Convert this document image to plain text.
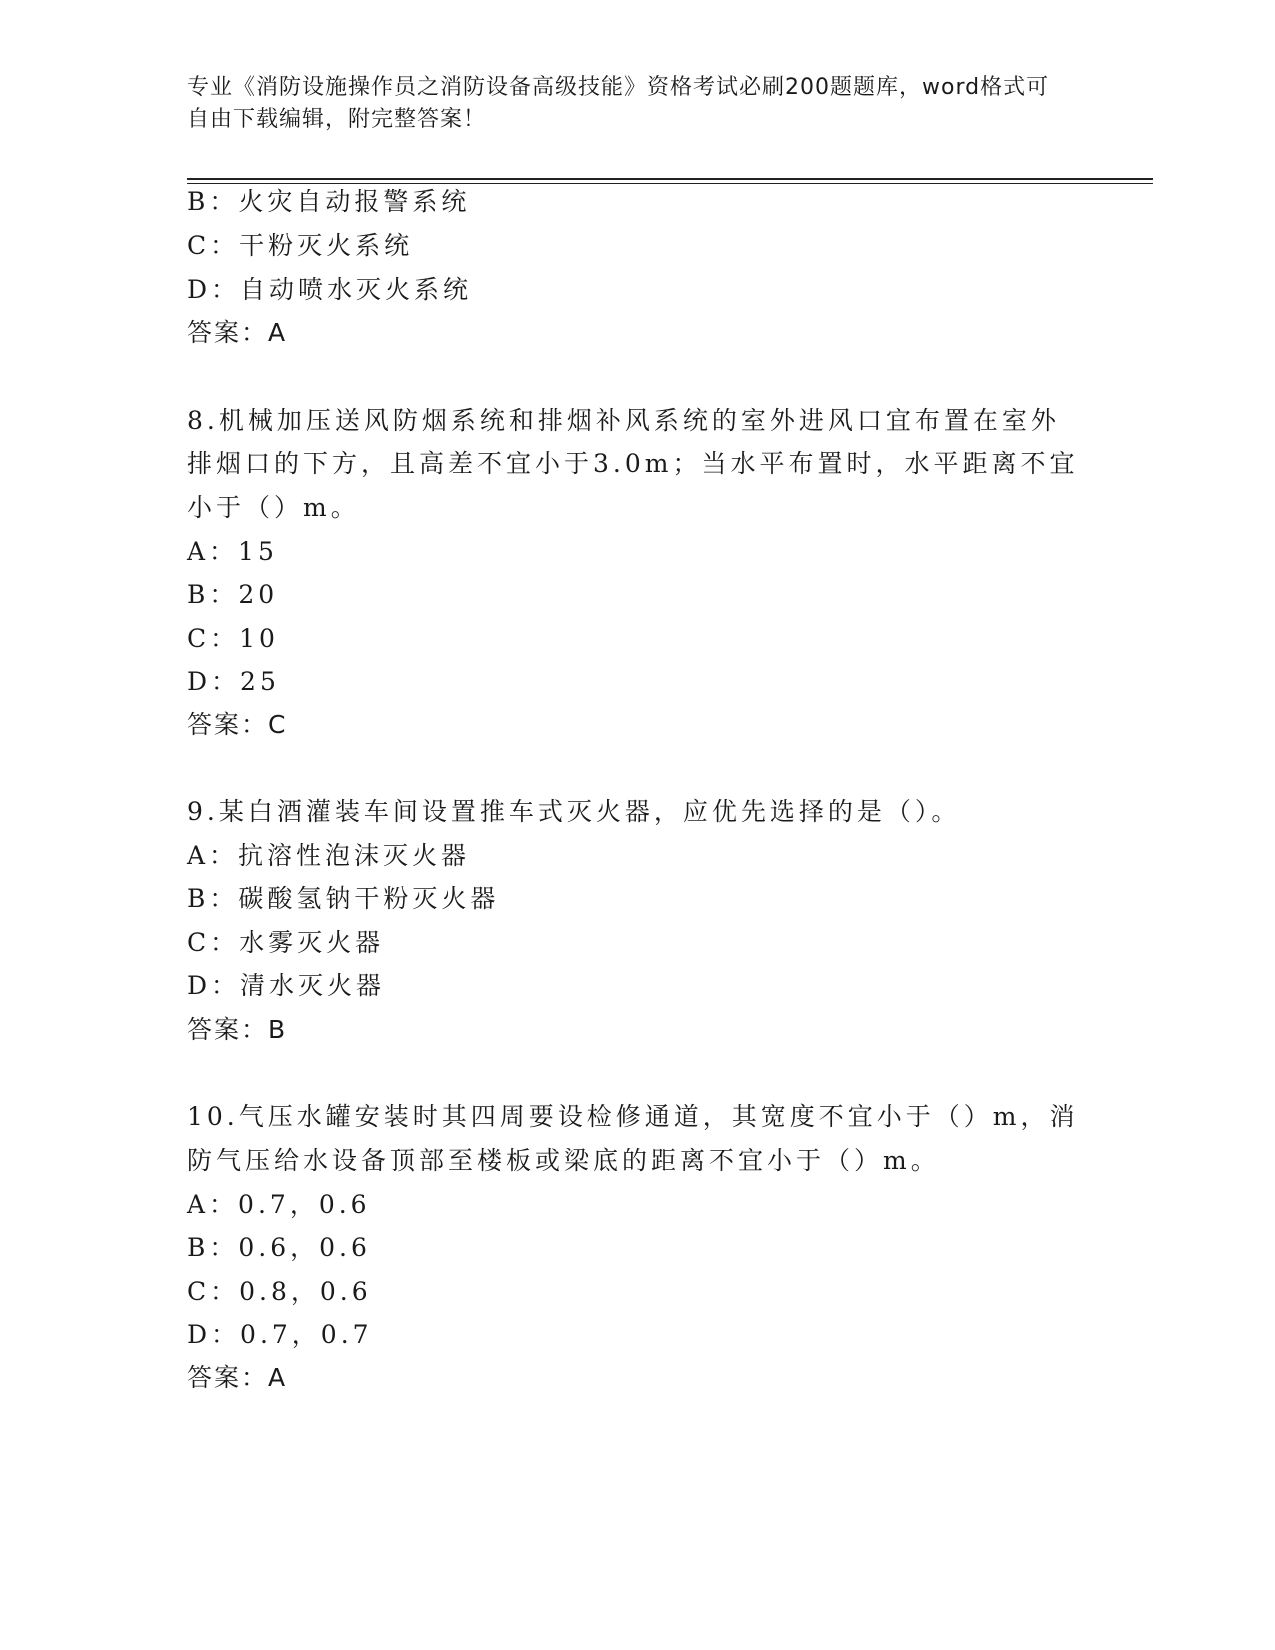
专业《消防设施操作员之消防设备高级技能》资格考试必刷200题题库，word格式可自由下载编辑，附完整答案！
B：火灾自动报警系统
C：干粉灭火系统
D：自动喷水灭火系统
答案：A
8.机械加压送风防烟系统和排烟补风系统的室外进风口宜布置在室外
排烟口的下方，且高差不宜小于3.0m；当水平布置时，水平距离不宜
小于（）m。
A：15
B：20
C：10
D：25
答案：C
9.某白酒灌装车间设置推车式灭火器，应优先选择的是（）。
A：抗溶性泡沫灭火器
B：碳酸氢钠干粉灭火器
C：水雾灭火器
D：清水灭火器
答案：B
10.气压水罐安装时其四周要设检修通道，其宽度不宜小于（）m，消
防气压给水设备顶部至楼板或梁底的距离不宜小于（）m。
A：0.7，0.6
B：0.6，0.6
C：0.8，0.6
D：0.7，0.7
答案：A
